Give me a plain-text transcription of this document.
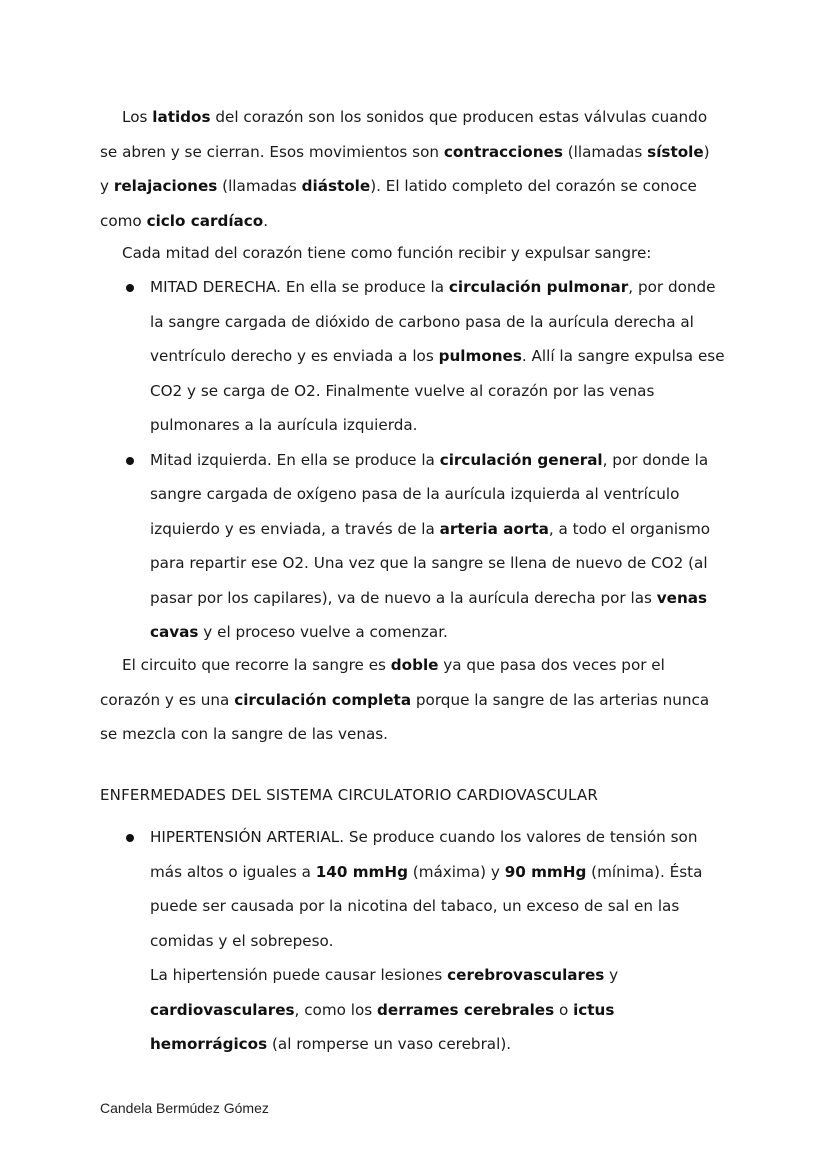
Los latidos del corazón son los sonidos que producen estas válvulas cuando se abren y se cierran. Esos movimientos son contracciones (llamadas sístole) y relajaciones (llamadas diástole). El latido completo del corazón se conoce como ciclo cardíaco.

Cada mitad del corazón tiene como función recibir y expulsar sangre:

MITAD DERECHA. En ella se produce la circulación pulmonar, por donde la sangre cargada de dióxido de carbono pasa de la aurícula derecha al ventrículo derecho y es enviada a los pulmones. Allí la sangre expulsa ese CO2 y se carga de O2. Finalmente vuelve al corazón por las venas pulmonares a la aurícula izquierda.
Mitad izquierda. En ella se produce la circulación general, por donde la sangre cargada de oxígeno pasa de la aurícula izquierda al ventrículo izquierdo y es enviada, a través de la arteria aorta, a todo el organismo para repartir ese O2. Una vez que la sangre se llena de nuevo de CO2 (al pasar por los capilares), va de nuevo a la aurícula derecha por las venas cavas y el proceso vuelve a comenzar.

El circuito que recorre la sangre es doble ya que pasa dos veces por el corazón y es una circulación completa porque la sangre de las arterias nunca se mezcla con la sangre de las venas.

ENFERMEDADES DEL SISTEMA CIRCULATORIO CARDIOVASCULAR
HIPERTENSIÓN ARTERIAL. Se produce cuando los valores de tensión son más altos o iguales a 140 mmHg (máxima) y 90 mmHg (mínima). Ésta puede ser causada por la nicotina del tabaco, un exceso de sal en las comidas y el sobrepeso.
La hipertensión puede causar lesiones cerebrovasculares y cardiovasculares, como los derrames cerebrales o ictus hemorrágicos (al romperse un vaso cerebral).
Candela Bermúdez Gómez
